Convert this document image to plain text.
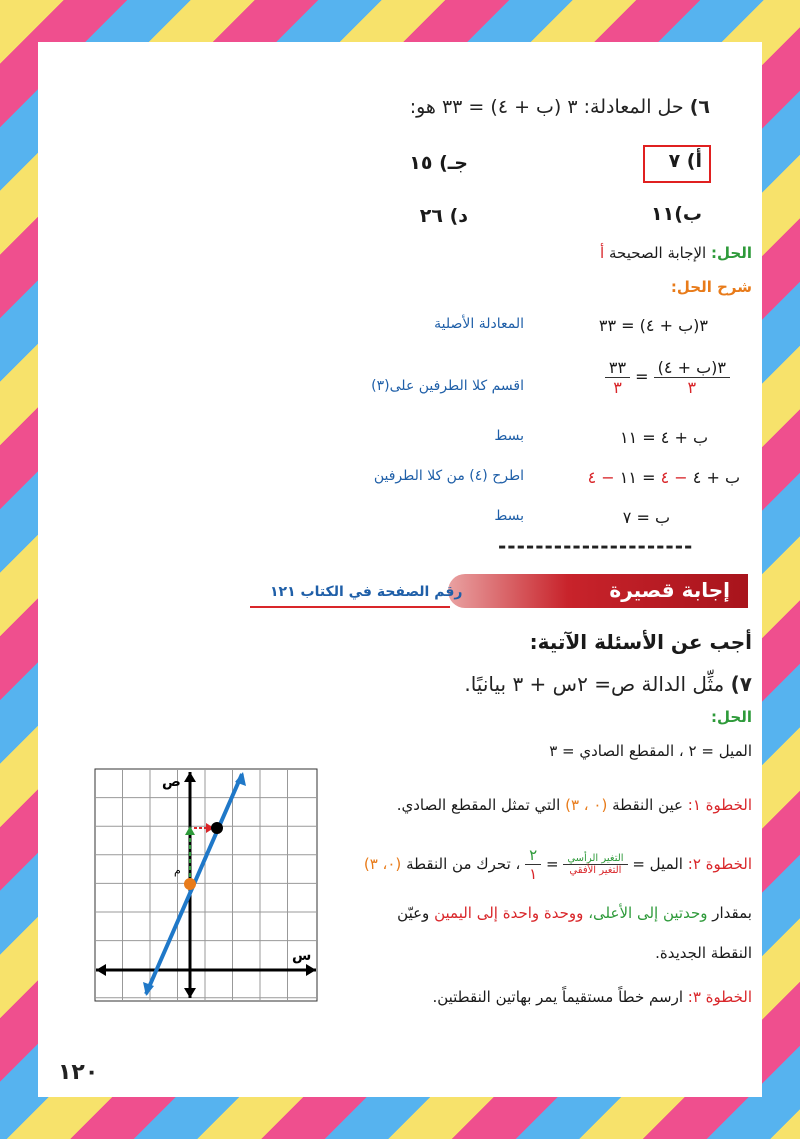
٦) حل المعادلة: ٣ (ب + ٤) = ٣٣ هو:
أ) ٧
ب)١١
جـ) ١٥
د) ٢٦
الحل: الإجابة الصحيحة أ
شرح الحل:
٣(ب + ٤) = ٣٣
المعادلة الأصلية
$\frac{\text{٣(ب + ٤)}}{٣}$
=
$\frac{٣٣}{٣}$
اقسم كلا الطرفين على(٣)
ب + ٤ = ١١
بسط
ب + ٤ − ٤ = ١١ − ٤
اطرح (٤) من كلا الطرفين
ب = ٧
بسط
---------------------
إجابة قصيرة
رقم الصفحة في الكتاب ١٢١
أجب عن الأسئلة الآتية:
٧) مثِّل الدالة ص= ٢س + ٣ بيانيًا.
الحل:
الميل = ٢ ، المقطع الصادي = ٣
الخطوة ١: عين النقطة (٠ ، ٣) التي تمثل المقطع الصادي.
الخطوة ٢: الميل =
$\frac{\text{التغير الرأسي}}{\text{التغير الأفقي}}$
=
$\frac{٢}{١}$
، تحرك من النقطة (٠، ٣)
بمقدار وحدتين إلى الأعلى، ووحدة واحدة إلى اليمين وعيّن
النقطة الجديدة.
الخطوة ٣: ارسم خطاً مستقيماً يمر بهاتين النقطتين.
ص
س
م
١٢٠
